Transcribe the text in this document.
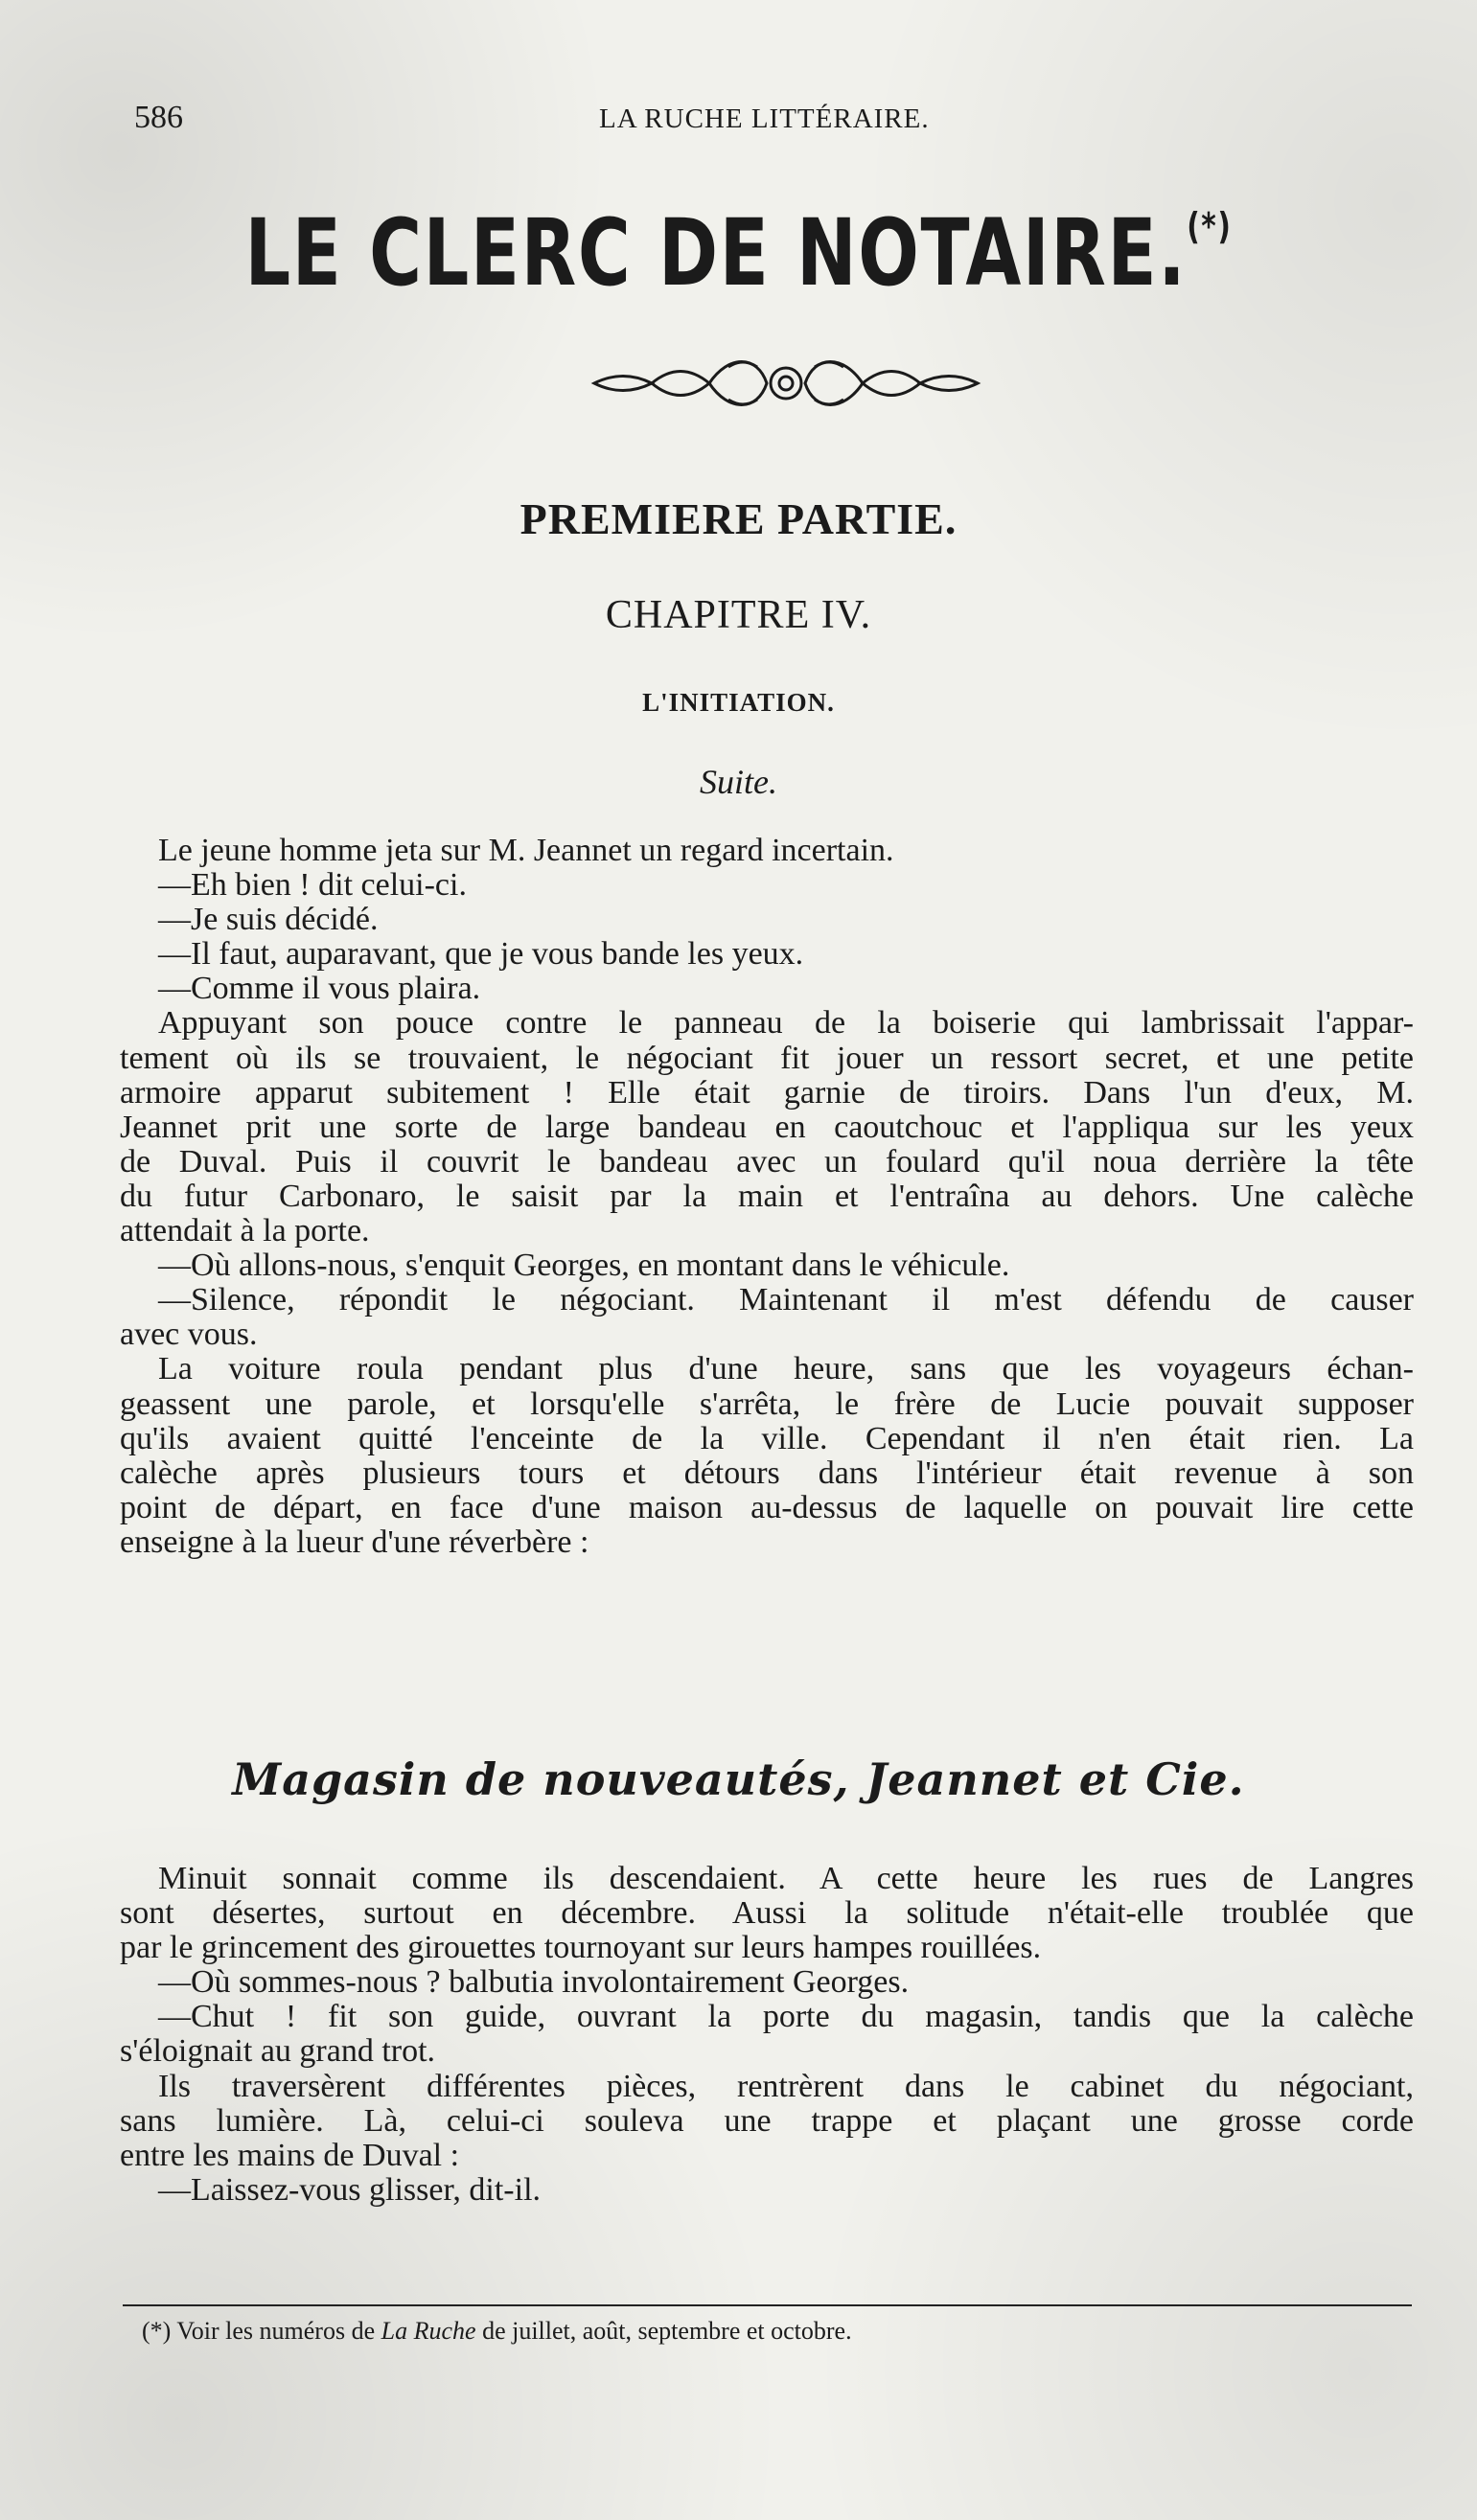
586	LA RUCHE LITTÉRAIRE.
LE CLERC DE NOTAIRE.(*)
PREMIERE PARTIE.
CHAPITRE IV.
L'INITIATION.
Suite.
Le jeune homme jeta sur M. Jeannet un regard incertain.
—Eh bien ! dit celui-ci.
—Je suis décidé.
—Il faut, auparavant, que je vous bande les yeux.
—Comme il vous plaira.
Appuyant son pouce contre le panneau de la boiserie qui lambrissait l'appar-
tement où ils se trouvaient, le négociant fit jouer un ressort secret, et une petite
armoire apparut subitement ! Elle était garnie de tiroirs. Dans l'un d'eux, M.
Jeannet prit une sorte de large bandeau en caoutchouc et l'appliqua sur les yeux
de Duval. Puis il couvrit le bandeau avec un foulard qu'il noua derrière la tête
du futur Carbonaro, le saisit par la main et l'entraîna au dehors. Une calèche
attendait à la porte.
—Où allons-nous, s'enquit Georges, en montant dans le véhicule.
—Silence, répondit le négociant. Maintenant il m'est défendu de causer
avec vous.
La voiture roula pendant plus d'une heure, sans que les voyageurs échan-
geassent une parole, et lorsqu'elle s'arrêta, le frère de Lucie pouvait supposer
qu'ils avaient quitté l'enceinte de la ville. Cependant il n'en était rien. La
calèche après plusieurs tours et détours dans l'intérieur était revenue à son
point de départ, en face d'une maison au-dessus de laquelle on pouvait lire cette
enseigne à la lueur d'une réverbère :
Magasin de nouveautés, Jeannet et Cie.
Minuit sonnait comme ils descendaient. A cette heure les rues de Langres
sont désertes, surtout en décembre. Aussi la solitude n'était-elle troublée que
par le grincement des girouettes tournoyant sur leurs hampes rouillées.
—Où sommes-nous ? balbutia involontairement Georges.
—Chut ! fit son guide, ouvrant la porte du magasin, tandis que la calèche
s'éloignait au grand trot.
Ils traversèrent différentes pièces, rentrèrent dans le cabinet du négociant,
sans lumière. Là, celui-ci souleva une trappe et plaçant une grosse corde
entre les mains de Duval :
—Laissez-vous glisser, dit-il.
(*) Voir les numéros de La Ruche de juillet, août, septembre et octobre.
